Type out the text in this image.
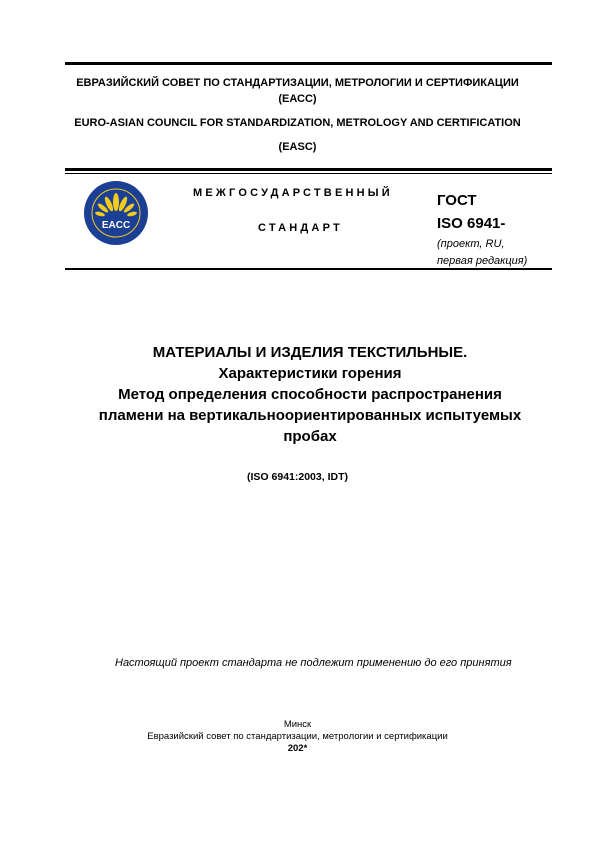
ЕВРАЗИЙСКИЙ СОВЕТ ПО СТАНДАРТИЗАЦИИ, МЕТРОЛОГИИ И СЕРТИФИКАЦИИ
(ЕАСС)
EURO-ASIAN COUNCIL FOR STANDARDIZATION, METROLOGY AND CERTIFICATION
(EASC)
EACC
МЕЖГОСУДАРСТВЕННЫЙ
СТАНДАРТ
ГОСТ
ISO 6941-
(проект, RU,
первая редакция)
МАТЕРИАЛЫ И ИЗДЕЛИЯ ТЕКСТИЛЬНЫЕ.
Характеристики горения
Метод определения способности распространения
пламени на вертикальноориентированных испытуемых
пробах
(ISO 6941:2003, IDT)
Настоящий проект стандарта не подлежит применению до его принятия
Минск
Евразийский совет по стандартизации, метрологии и сертификации
202*
